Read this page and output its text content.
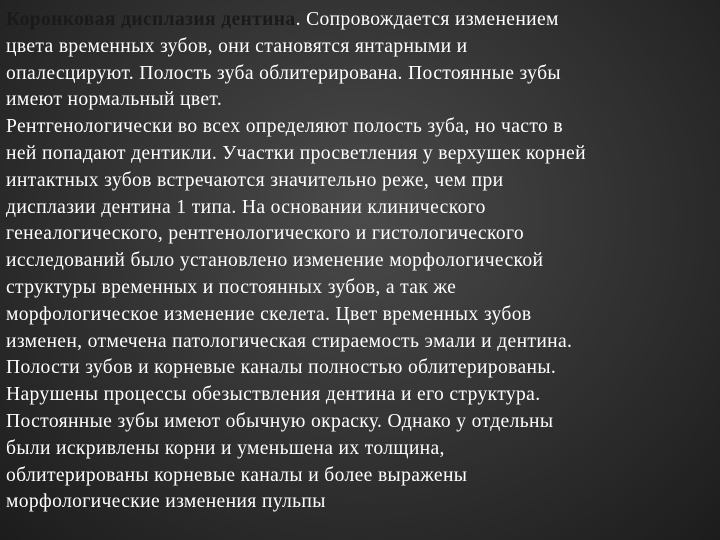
Коронковая дисплазия дентина. Сопровождается изменением
цвета временных зубов, они становятся янтарными и
опалесцируют. Полость зуба облитерирована. Постоянные зубы
имеют нормальный цвет.
Рентгенологически во всех определяют полость зуба, но часто в
ней попадают дентикли. Участки просветления у верхушек корней
интактных зубов встречаются значительно реже, чем при
дисплазии дентина 1 типа. На основании клинического
генеалогического, рентгенологического и гистологического
исследований было установлено изменение морфологической
структуры временных и постоянных зубов, а так же
морфологическое изменение скелета. Цвет временных зубов
изменен, отмечена патологическая стираемость эмали и дентина.
Полости зубов и корневые каналы полностью облитерированы.
Нарушены процессы обезыствления дентина и его структура.
Постоянные зубы имеют обычную окраску. Однако у отдельны
были искривлены корни и уменьшена их толщина,
облитерированы корневые каналы и более выражены
морфологические изменения пульпы
